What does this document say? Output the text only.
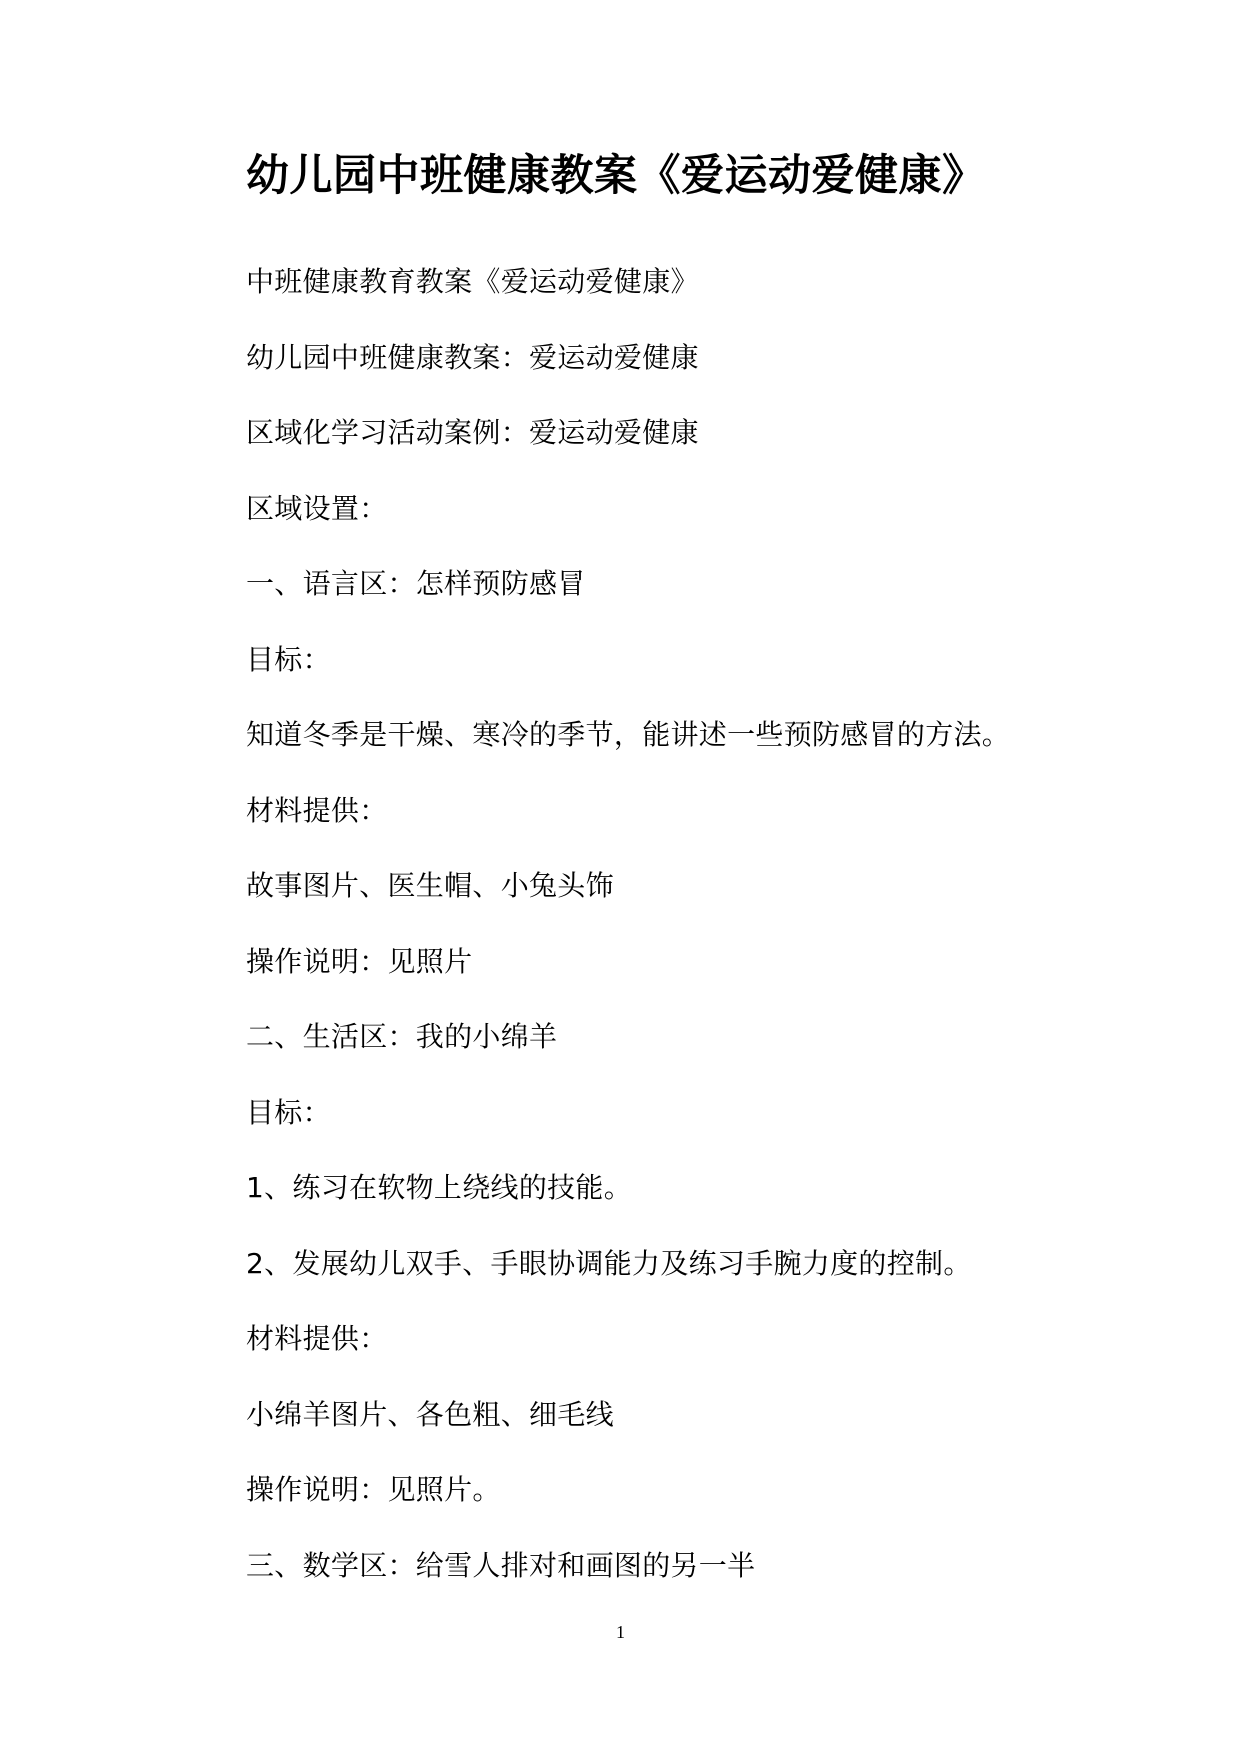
幼儿园中班健康教案《爱运动爱健康》
中班健康教育教案《爱运动爱健康》
幼儿园中班健康教案：爱运动爱健康
区域化学习活动案例：爱运动爱健康
区域设置：
一、语言区：怎样预防感冒
目标：
知道冬季是干燥、寒冷的季节，能讲述一些预防感冒的方法。
材料提供：
故事图片、医生帽、小兔头饰
操作说明：见照片
二、生活区：我的小绵羊
目标：
1、练习在软物上绕线的技能。
2、发展幼儿双手、手眼协调能力及练习手腕力度的控制。
材料提供：
小绵羊图片、各色粗、细毛线
操作说明：见照片。
三、数学区：给雪人排对和画图的另一半
1
